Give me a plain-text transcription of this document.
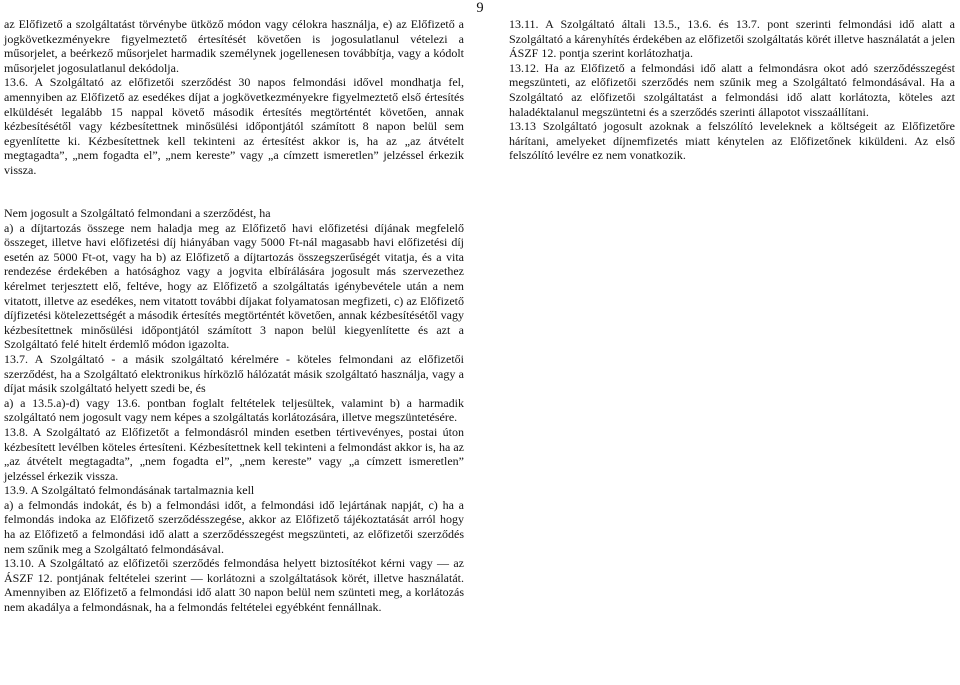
9

az Előfizető a szolgáltatást törvénybe ütköző módon vagy célokra használja, e) az Előfizető a jogkövetkezményekre figyelmeztető értesítését követően is jogosulatlanul vételezi a műsorjelet, a beérkező műsorjelet harmadik személynek jogellenesen továbbítja, vagy a kódolt műsorjelet jogosulatlanul dekódolja.

13.6. A Szolgáltató az előfizetői szerződést 30 napos felmondási idővel mondhatja fel, amennyiben az Előfizető az esedékes díjat a jogkövetkezményekre figyelmeztető első értesítés elküldését legalább 15 nappal követő második értesítés megtörténtét követően, annak kézbesítésétől vagy kézbesítettnek minősülési időpontjától számított 8 napon belül sem egyenlítette ki. Kézbesítettnek kell tekinteni az értesítést akkor is, ha az „az átvételt megtagadta”, „nem fogadta el”, „nem kereste” vagy „a címzett ismeretlen” jelzéssel érkezik vissza.

Nem jogosult a Szolgáltató felmondani a szerződést, ha

a) a díjtartozás összege nem haladja meg az Előfizető havi előfizetési díjának megfelelő összeget, illetve havi előfizetési díj hiányában vagy 5000 Ft-nál magasabb havi előfizetési díj esetén az 5000 Ft-ot, vagy ha b) az Előfizető a díjtartozás összegszerűségét vitatja, és a vita rendezése érdekében a hatósághoz vagy a jogvita elbírálására jogosult más szervezethez kérelmet terjesztett elő, feltéve, hogy az Előfizető a szolgáltatás igénybevétele után a nem vitatott, illetve az esedékes, nem vitatott további díjakat folyamatosan megfizeti, c) az Előfizető díjfizetési kötelezettségét a második értesítés megtörténtét követően, annak kézbesítésétől vagy kézbesítettnek minősülési időpontjától számított 3 napon belül kiegyenlítette és azt a Szolgáltató felé hitelt érdemlő módon igazolta.

13.7. A Szolgáltató - a másik szolgáltató kérelmére - köteles felmondani az előfizetői szerződést, ha a Szolgáltató elektronikus hírközlő hálózatát másik szolgáltató használja, vagy a díjat másik szolgáltató helyett szedi be, és

a) a 13.5.a)-d) vagy 13.6. pontban foglalt feltételek teljesültek, valamint b) a harmadik szolgáltató nem jogosult vagy nem képes a szolgáltatás korlátozására, illetve megszüntetésére.

13.8. A Szolgáltató az Előfizetőt a felmondásról minden esetben tértivevényes, postai úton kézbesített levélben köteles értesíteni. Kézbesítettnek kell tekinteni a felmondást akkor is, ha az „az átvételt megtagadta”, „nem fogadta el”, „nem kereste” vagy „a címzett ismeretlen” jelzéssel érkezik vissza.

13.9. A Szolgáltató felmondásának tartalmaznia kell

a) a felmondás indokát, és b) a felmondási időt, a felmondási idő lejártának napját, c) ha a felmondás indoka az Előfizető szerződésszegése, akkor az Előfizető tájékoztatását arról hogy ha az Előfizető a felmondási idő alatt a szerződésszegést megszünteti, az előfizetői szerződés nem szűnik meg a Szolgáltató felmondásával.

13.10. A Szolgáltató az előfizetői szerződés felmondása helyett biztosítékot kérni vagy — az ÁSZF 12. pontjának feltételei szerint — korlátozni a szolgáltatások körét, illetve használatát. Amennyiben az Előfizető a felmondási idő alatt 30 napon belül nem szünteti meg, a korlátozás nem akadálya a felmondásnak, ha a felmondás feltételei egyébként fennállnak.

13.11. A Szolgáltató általi 13.5., 13.6. és 13.7. pont szerinti felmondási idő alatt a Szolgáltató a kárenyhítés érdekében az előfizetői szolgáltatás körét illetve használatát a jelen ÁSZF 12. pontja szerint korlátozhatja.

13.12. Ha az Előfizető a felmondási idő alatt a felmondásra okot adó szerződésszegést megszünteti, az előfizetői szerződés nem szűnik meg a Szolgáltató felmondásával. Ha a Szolgáltató az előfizetői szolgáltatást a felmondási idő alatt korlátozta, köteles azt haladéktalanul megszüntetni és a szerződés szerinti állapotot visszaállítani.

13.13 Szolgáltató jogosult azoknak a felszólító leveleknek a költségeit az Előfizetőre hárítani, amelyeket díjnemfizetés miatt kénytelen az Előfizetőnek kiküldeni. Az első felszólító levélre ez nem vonatkozik.
